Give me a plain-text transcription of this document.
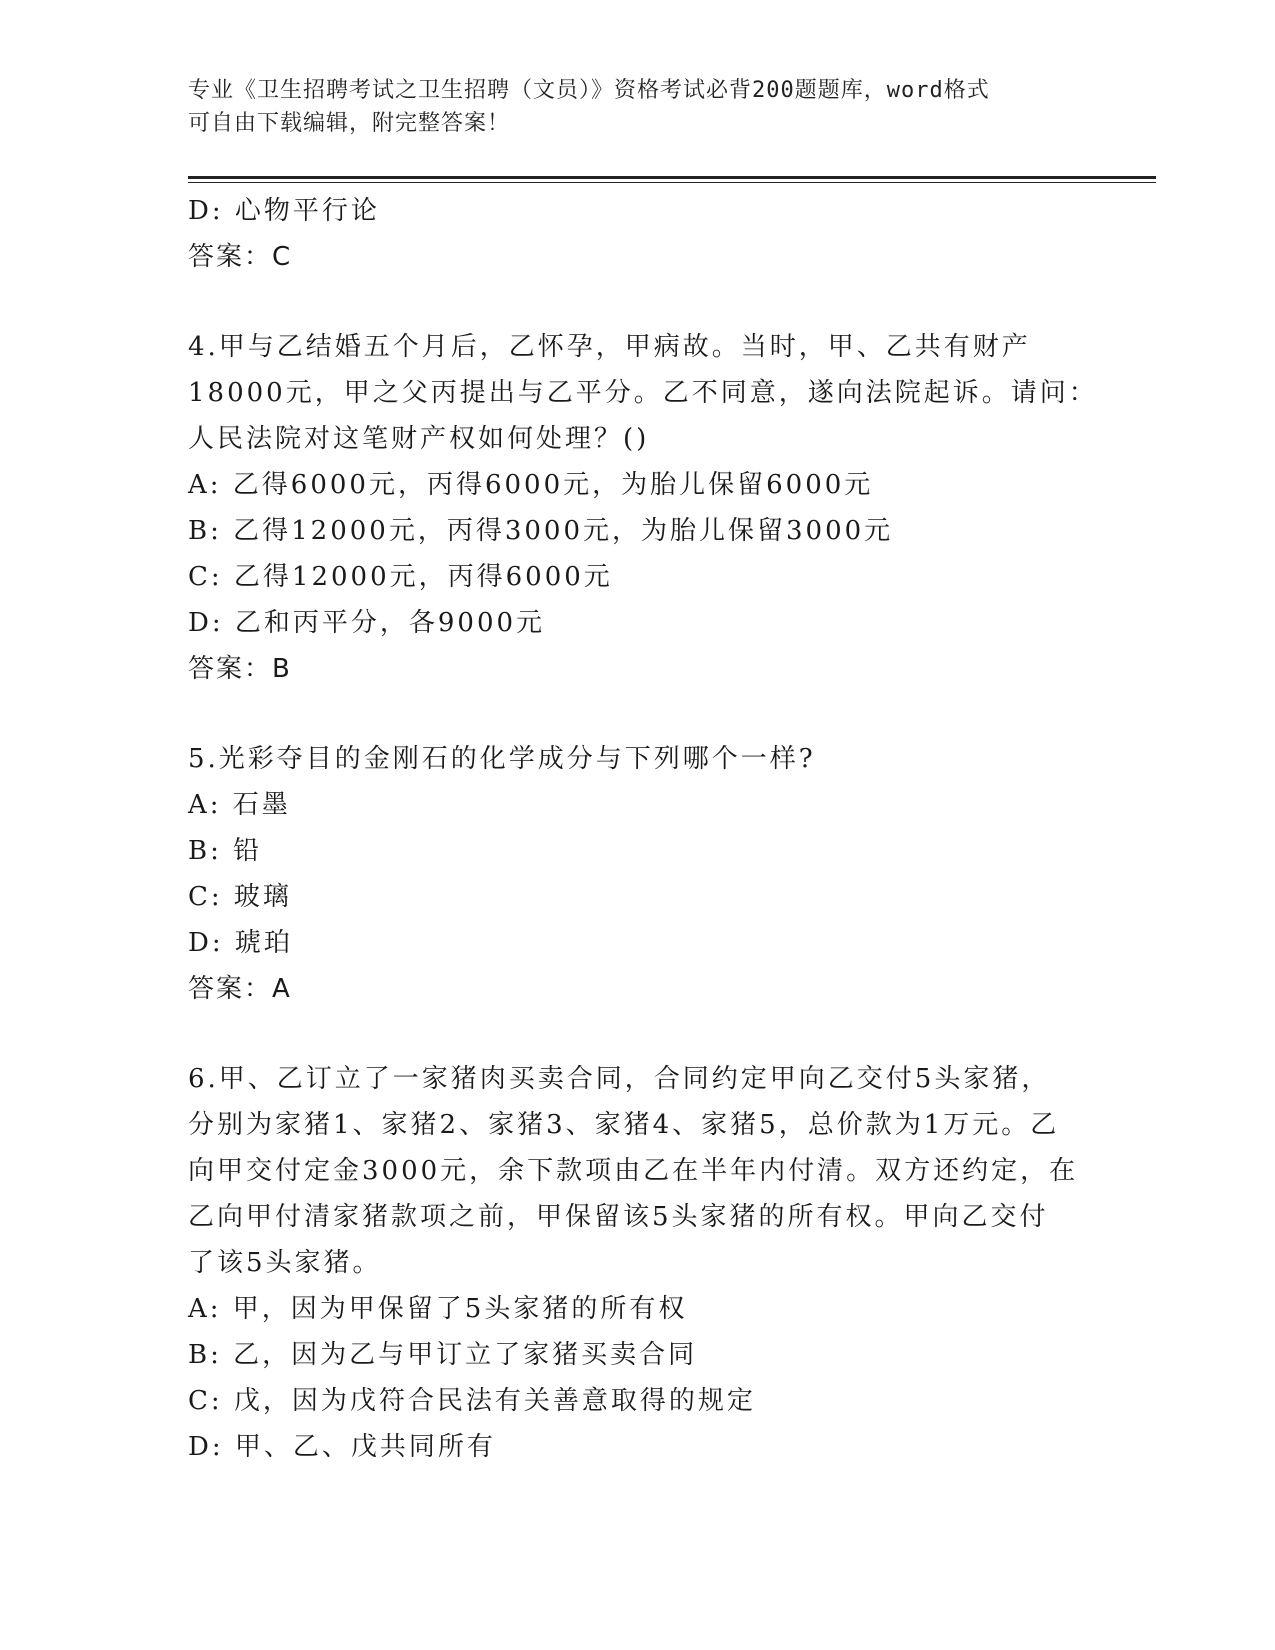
专业《卫生招聘考试之卫生招聘（文员）》资格考试必背200题题库，word格式
可自由下载编辑，附完整答案！
D: 心物平行论
答案：C
4.甲与乙结婚五个月后，乙怀孕，甲病故。当时，甲、乙共有财产
18000元，甲之父丙提出与乙平分。乙不同意，遂向法院起诉。请问：
人民法院对这笔财产权如何处理？()
A: 乙得6000元，丙得6000元，为胎儿保留6000元
B: 乙得12000元，丙得3000元，为胎儿保留3000元
C: 乙得12000元，丙得6000元
D: 乙和丙平分，各9000元
答案：B
5.光彩夺目的金刚石的化学成分与下列哪个一样?
A: 石墨
B: 铅
C: 玻璃
D: 琥珀
答案：A
6.甲、乙订立了一家猪肉买卖合同，合同约定甲向乙交付5头家猪，
分别为家猪1、家猪2、家猪3、家猪4、家猪5，总价款为1万元。乙
向甲交付定金3000元，余下款项由乙在半年内付清。双方还约定，在
乙向甲付清家猪款项之前，甲保留该5头家猪的所有权。甲向乙交付
了该5头家猪。
A: 甲，因为甲保留了5头家猪的所有权
B: 乙，因为乙与甲订立了家猪买卖合同
C: 戊，因为戊符合民法有关善意取得的规定
D: 甲、乙、戊共同所有
